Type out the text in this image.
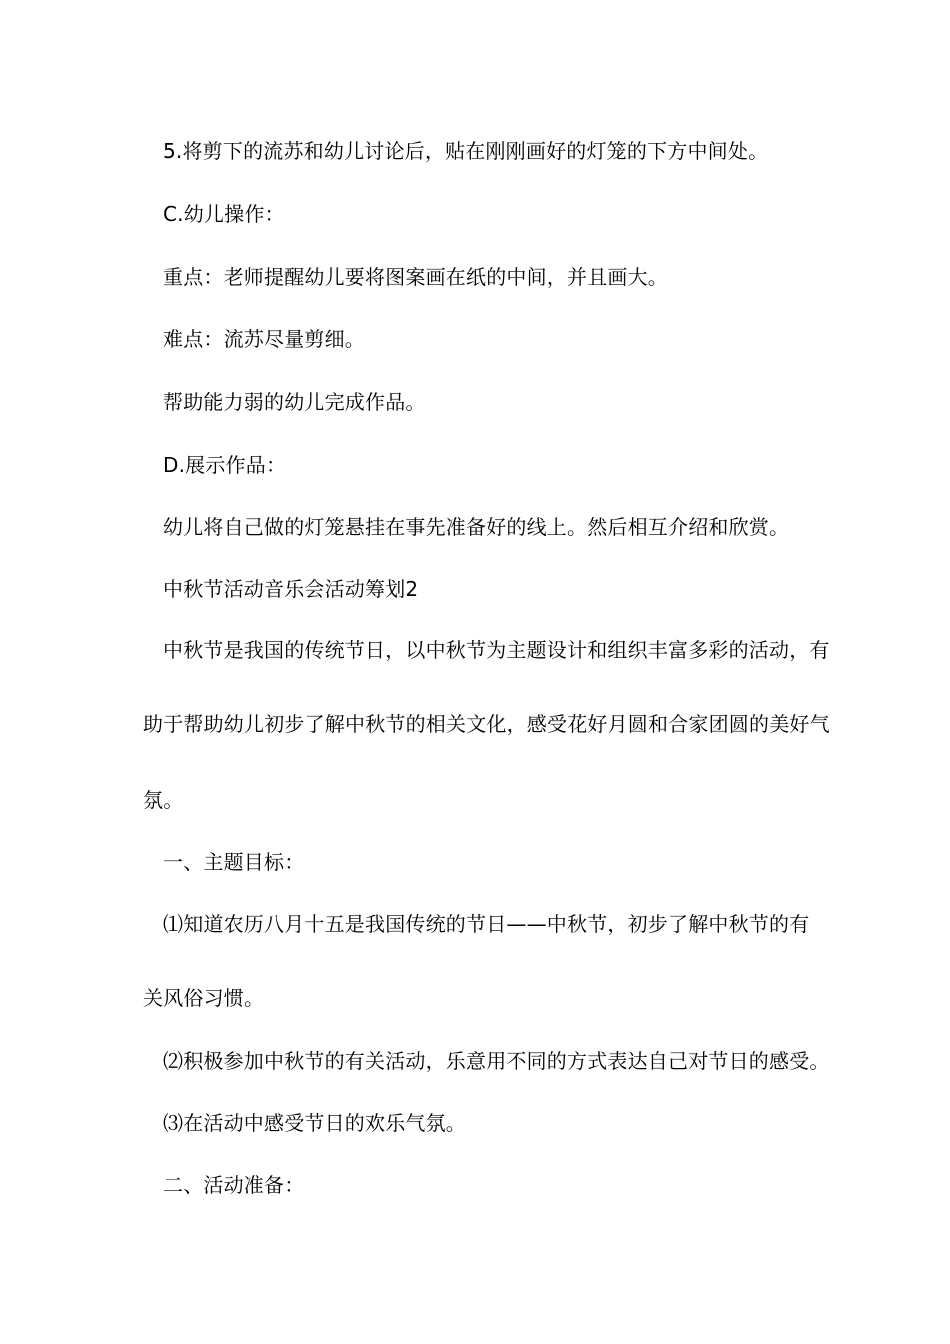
5.将剪下的流苏和幼儿讨论后，贴在刚刚画好的灯笼的下方中间处。
C.幼儿操作：
重点：老师提醒幼儿要将图案画在纸的中间，并且画大。
难点：流苏尽量剪细。
帮助能力弱的幼儿完成作品。
D.展示作品：
幼儿将自己做的灯笼悬挂在事先准备好的线上。然后相互介绍和欣赏。
中秋节活动音乐会活动筹划2
中秋节是我国的传统节日，以中秋节为主题设计和组织丰富多彩的活动，有
助于帮助幼儿初步了解中秋节的相关文化，感受花好月圆和合家团圆的美好气
氛。
一、主题目标：
⑴知道农历八月十五是我国传统的节日——中秋节，初步了解中秋节的有
关风俗习惯。
⑵积极参加中秋节的有关活动，乐意用不同的方式表达自己对节日的感受。
⑶在活动中感受节日的欢乐气氛。
二、活动准备：
